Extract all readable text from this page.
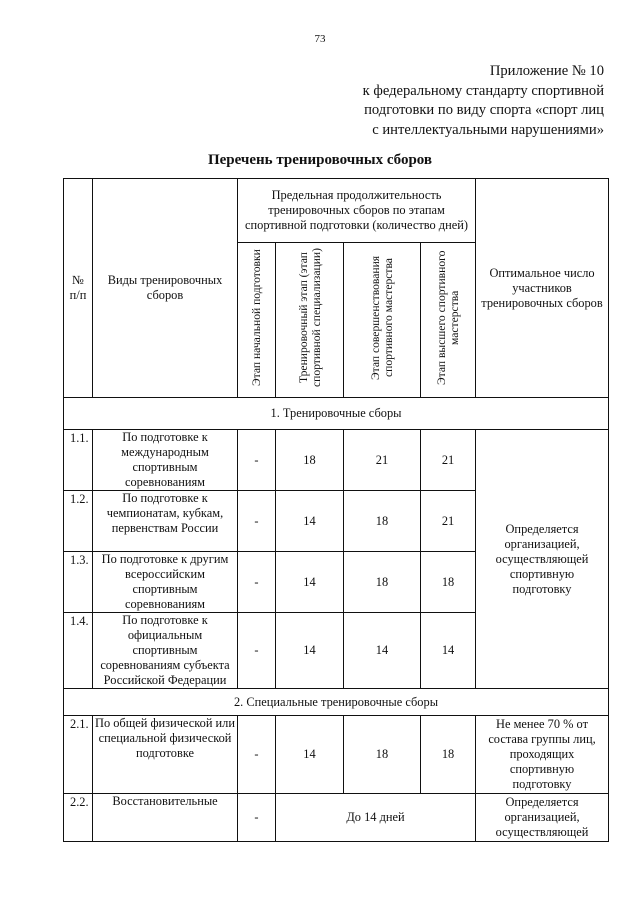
73
Приложение № 10
к федеральному стандарту спортивной
подготовки по виду спорта «спорт лиц
с интеллектуальными нарушениями»
Перечень тренировочных сборов
№ п/п	Виды тренировочных сборов	Предельная продолжительность тренировочных сборов по этапам спортивной подготовки (количество дней)				Оптимальное число участников тренировочных сборов
		Этап начальной подготовки	Тренировочный этап (этап спортивной специализации)	Этап совершенствования спортивного мастерства	Этап высшего спортивного мастерства	
1. Тренировочные сборы						
1.1.	По подготовке к международным спортивным соревнованиям	-	18	21	21	Определяется организацией, осуществляющей спортивную подготовку
1.2.	По подготовке к чемпионатам, кубкам, первенствам России	-	14	18	21	
1.3.	По подготовке к другим всероссийским спортивным соревнованиям	-	14	18	18	
1.4.	По подготовке к официальным спортивным соревнованиям субъекта Российской Федерации	-	14	14	14	
2. Специальные тренировочные сборы						
2.1.	По общей физической или специальной физической подготовке	-	14	18	18	Не менее 70 % от состава группы лиц, проходящих спортивную подготовку
2.2.	Восстановительные	-	До 14 дней			Определяется организацией, осуществляющей
